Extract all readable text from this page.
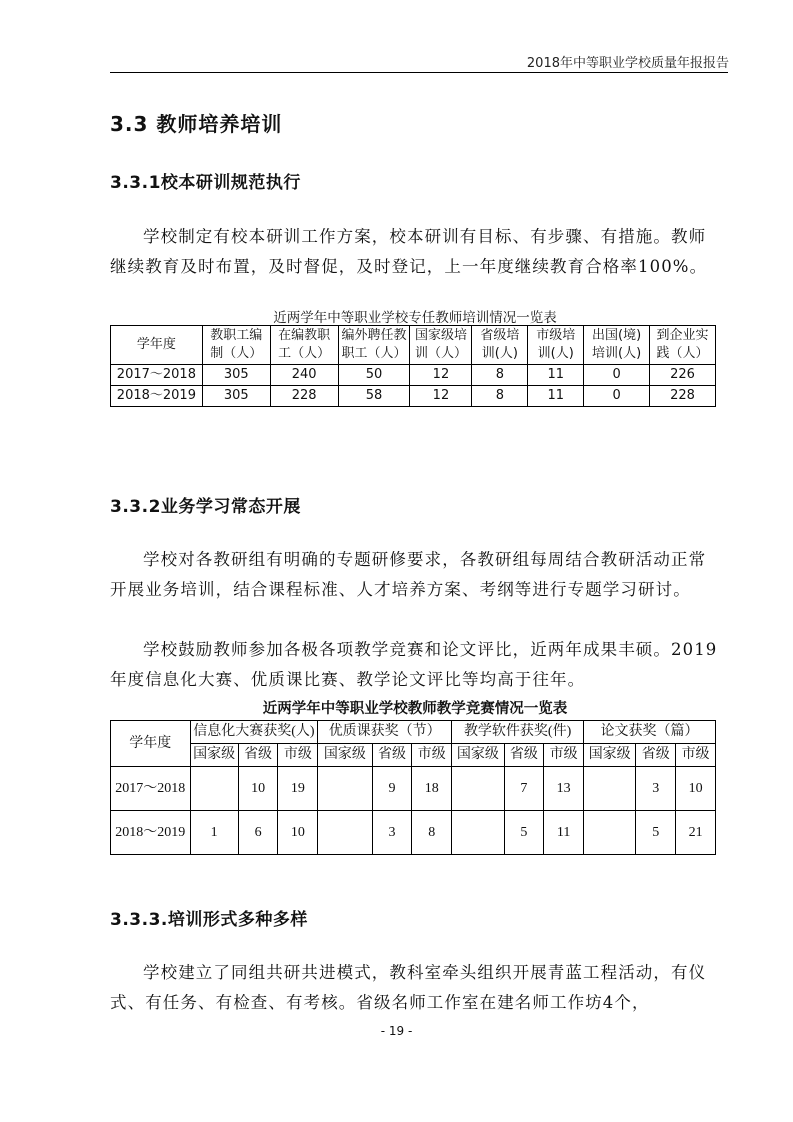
2018年中等职业学校质量年报报告
3.3 教师培养培训
3.3.1校本研训规范执行
学校制定有校本研训工作方案，校本研训有目标、有步骤、有措施。教师继续教育及时布置，及时督促，及时登记，上一年度继续教育合格率100%。
近两学年中等职业学校专任教师培训情况一览表
学年度	教职工编制（人）	在编教职工（人）	编外聘任教职工（人）	国家级培训（人）	省级培训(人)	市级培训(人)	出国(境)培训(人)	到企业实践（人）
2017～2018	305	240	50	12	8	11	0	226
2018～2019	305	228	58	12	8	11	0	228
3.3.2业务学习常态开展
学校对各教研组有明确的专题研修要求，各教研组每周结合教研活动正常开展业务培训，结合课程标准、人才培养方案、考纲等进行专题学习研讨。
学校鼓励教师参加各极各项教学竞赛和论文评比，近两年成果丰硕。2019年度信息化大赛、优质课比赛、教学论文评比等均高于往年。
近两学年中等职业学校教师教学竞赛情况一览表
学年度	信息化大赛获奖(人)			优质课获奖（节）			教学软件获奖(件)			论文获奖（篇）		
	国家级	省级	市级	国家级	省级	市级	国家级	省级	市级	国家级	省级	市级
2017～2018		10	19		9	18		7	13		3	10
2018～2019	1	6	10		3	8		5	11		5	21
3.3.3.培训形式多种多样
学校建立了同组共研共进模式，教科室牵头组织开展青蓝工程活动，有仪式、有任务、有检查、有考核。省级名师工作室在建名师工作坊4个，
- 19 -
